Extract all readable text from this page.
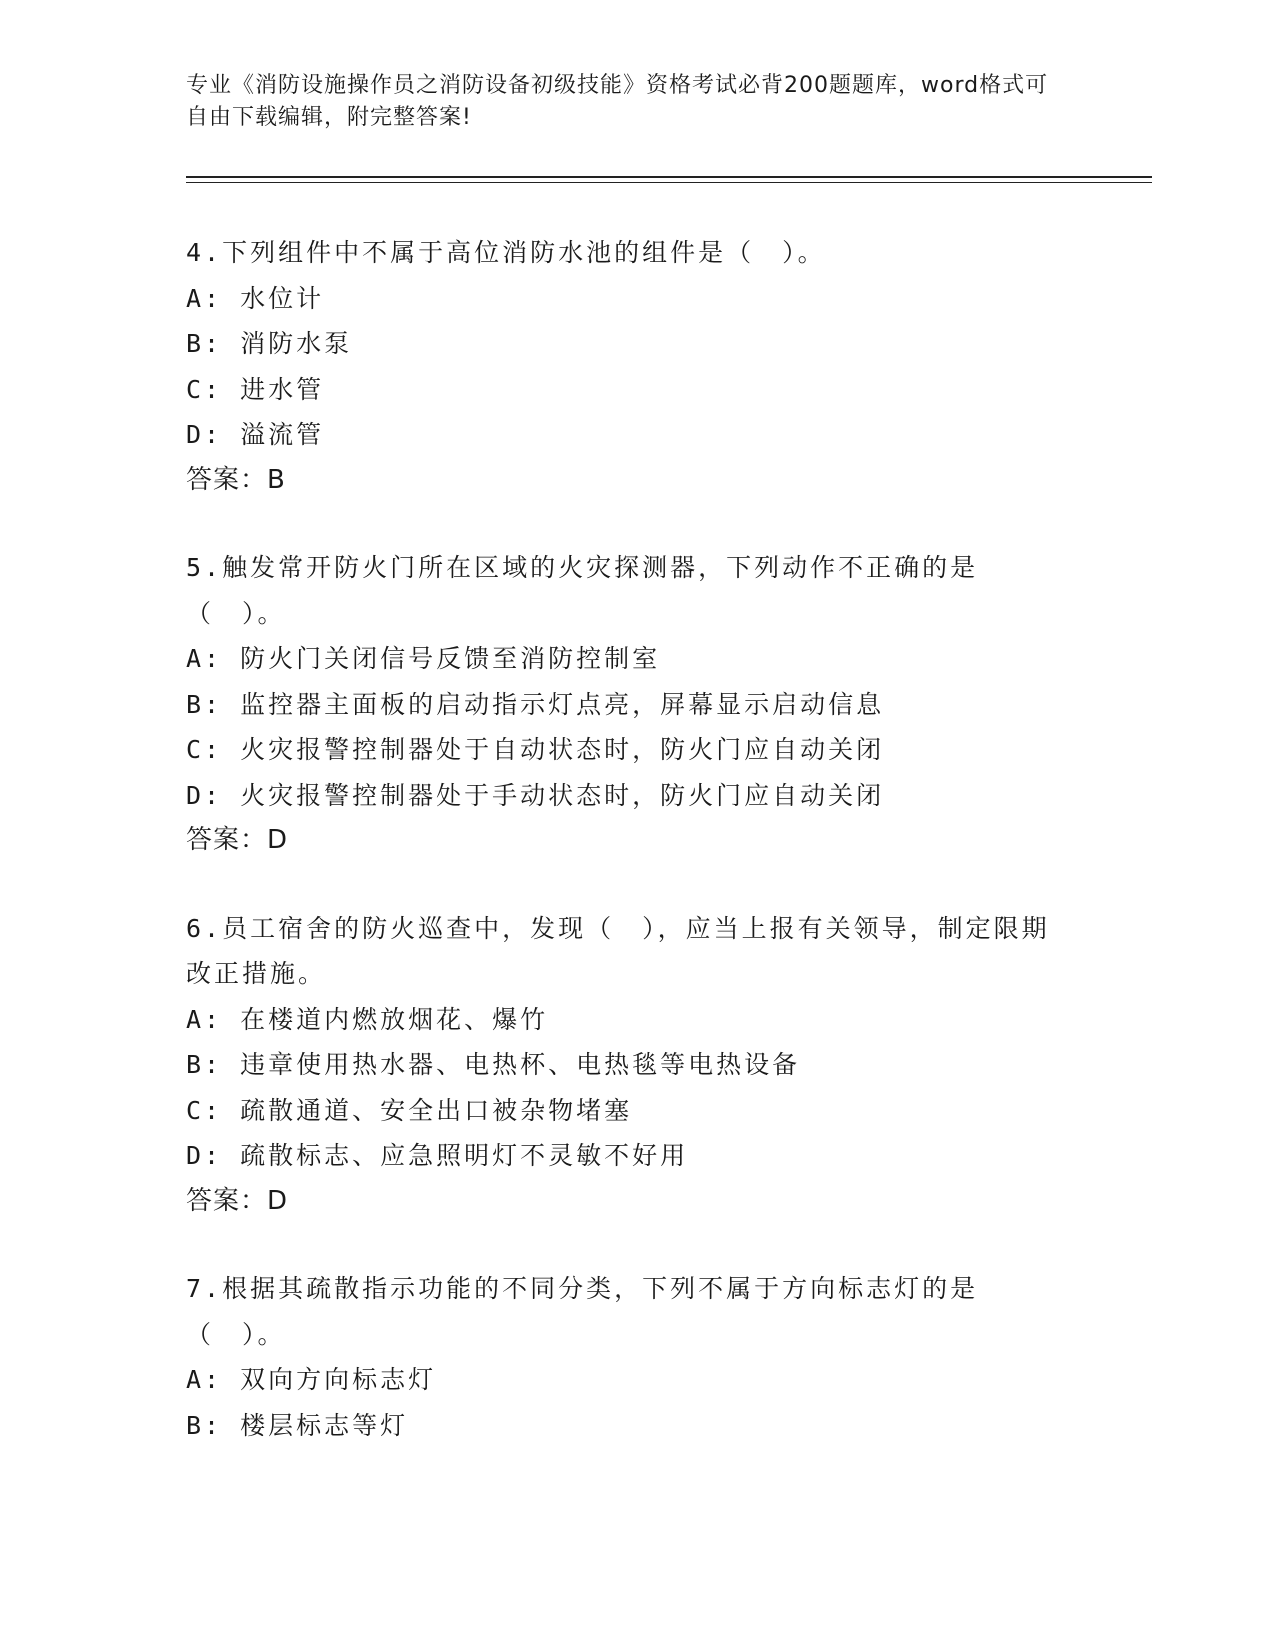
专业《消防设施操作员之消防设备初级技能》资格考试必背200题题库，word格式可自由下载编辑，附完整答案!

4.下列组件中不属于高位消防水池的组件是（　）。

A: 水位计

B: 消防水泵

C: 进水管

D: 溢流管

答案：B

5.触发常开防火门所在区域的火灾探测器，下列动作不正确的是（　）。

A: 防火门关闭信号反馈至消防控制室

B: 监控器主面板的启动指示灯点亮，屏幕显示启动信息

C: 火灾报警控制器处于自动状态时，防火门应自动关闭

D: 火灾报警控制器处于手动状态时，防火门应自动关闭

答案：D

6.员工宿舍的防火巡查中，发现（　），应当上报有关领导，制定限期改正措施。

A: 在楼道内燃放烟花、爆竹

B: 违章使用热水器、电热杯、电热毯等电热设备

C: 疏散通道、安全出口被杂物堵塞

D: 疏散标志、应急照明灯不灵敏不好用

答案：D

7.根据其疏散指示功能的不同分类，下列不属于方向标志灯的是（　）。

A: 双向方向标志灯

B: 楼层标志等灯
